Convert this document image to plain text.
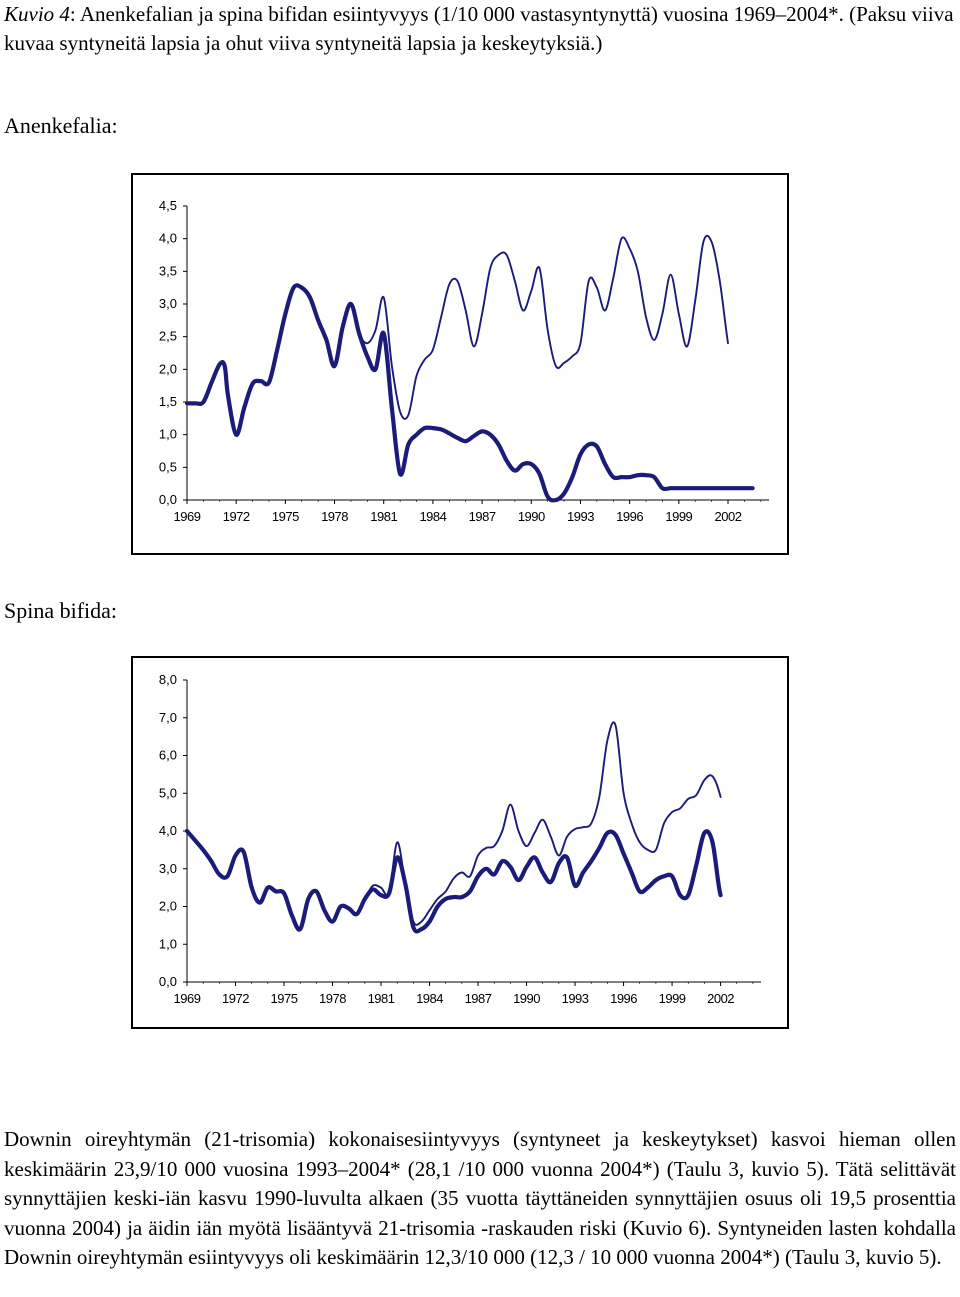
Kuvio 4: Anenkefalian ja spina bifidan esiintyvyys (1/10 000 vastasyntynyttä) vuosina 1969–2004*. (Paksu viiva kuvaa syntyneitä lapsia ja ohut viiva syntyneitä lapsia ja keskeytyksiä.)
Anenkefalia:
0,0
0,5
1,0
1,5
2,0
2,5
3,0
3,5
4,0
4,5
1969 1972 1975 1978 1981 1984 1987 1990 1993 1996 1999 2002
Spina bifida:
0,0
1,0
2,0
3,0
4,0
5,0
6,0
7,0
8,0
1969 1972 1975 1978 1981 1984 1987 1990 1993 1996 1999 2002
Downin oireyhtymän (21-trisomia) kokonaisesiintyvyys (syntyneet ja keskeytykset) kasvoi hieman ollen keskimäärin 23,9/10 000 vuosina 1993–2004* (28,1 /10 000 vuonna 2004*) (Taulu 3, kuvio 5). Tätä selittävät synnyttäjien keski-iän kasvu 1990-luvulta alkaen (35 vuotta täyttäneiden synnyttäjien osuus oli 19,5 prosenttia vuonna 2004) ja äidin iän myötä lisääntyvä 21-trisomia -raskauden riski (Kuvio 6). Syntyneiden lasten kohdalla Downin oireyhtymän esiintyvyys oli keskimäärin 12,3/10 000 (12,3 / 10 000 vuonna 2004*) (Taulu 3, kuvio 5).
